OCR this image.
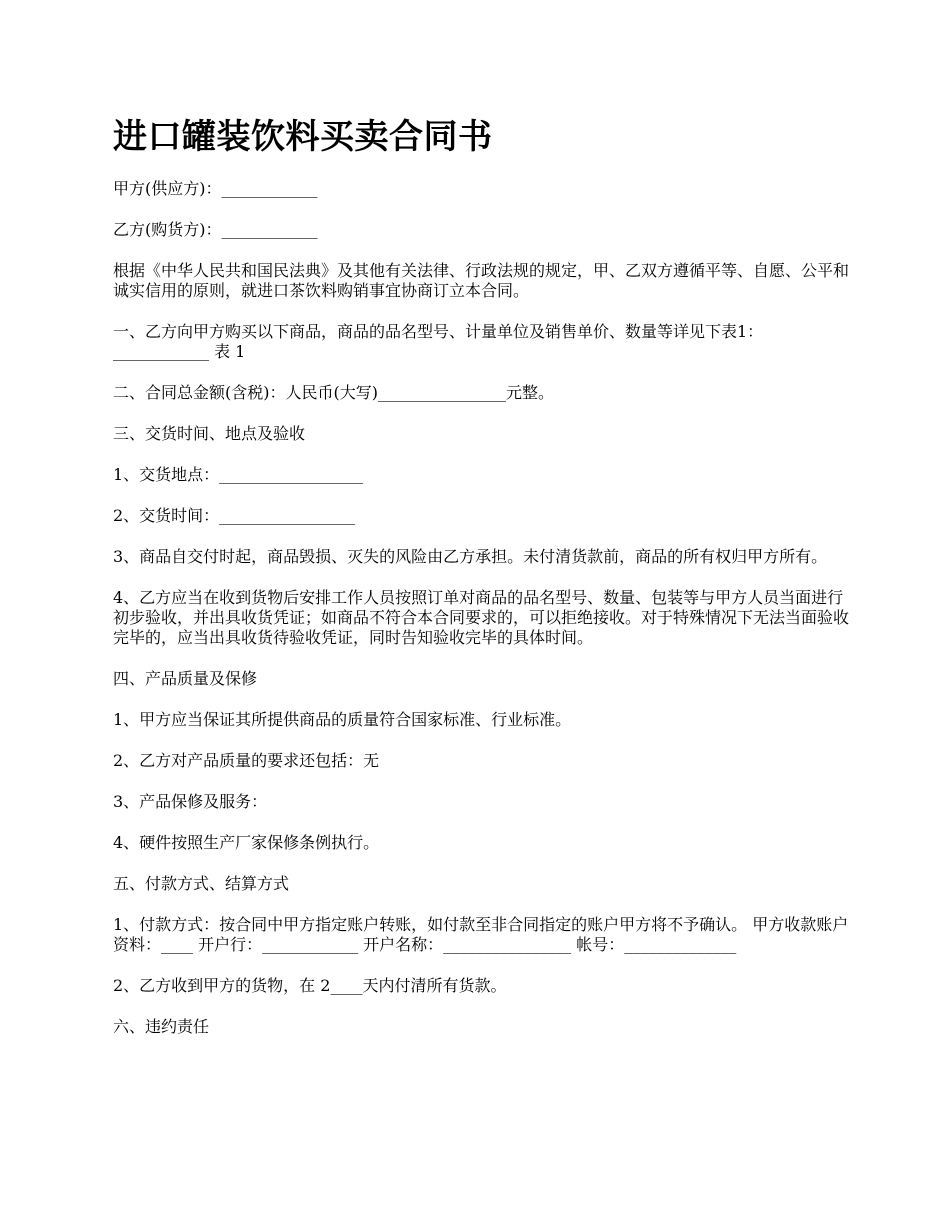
进口罐装饮料买卖合同书

甲方(供应方)：____________

乙方(购货方)：____________

根据《中华人民共和国民法典》及其他有关法律、行政法规的规定，甲、乙双方遵循平等、自愿、公平和诚实信用的原则，就进口茶饮料购销事宜协商订立本合同。

一、乙方向甲方购买以下商品，商品的品名型号、计量单位及销售单价、数量等详见下表1：____________ 表 1

二、合同总金额(含税)：人民币(大写)________________元整。

三、交货时间、地点及验收

1、交货地点：__________________

2、交货时间：_________________

3、商品自交付时起，商品毁损、灭失的风险由乙方承担。未付清货款前，商品的所有权归甲方所有。

4、乙方应当在收到货物后安排工作人员按照订单对商品的品名型号、数量、包装等与甲方人员当面进行初步验收，并出具收货凭证；如商品不符合本合同要求的，可以拒绝接收。对于特殊情况下无法当面验收完毕的，应当出具收货待验收凭证，同时告知验收完毕的具体时间。

四、产品质量及保修

1、甲方应当保证其所提供商品的质量符合国家标准、行业标准。

2、乙方对产品质量的要求还包括：无

3、产品保修及服务：

4、硬件按照生产厂家保修条例执行。

五、付款方式、结算方式

1、付款方式：按合同中甲方指定账户转账，如付款至非合同指定的账户甲方将不予确认。 甲方收款账户资料：____ 开户行：____________ 开户名称：________________ 帐号：______________

2、乙方收到甲方的货物，在 2____天内付清所有货款。

六、违约责任
